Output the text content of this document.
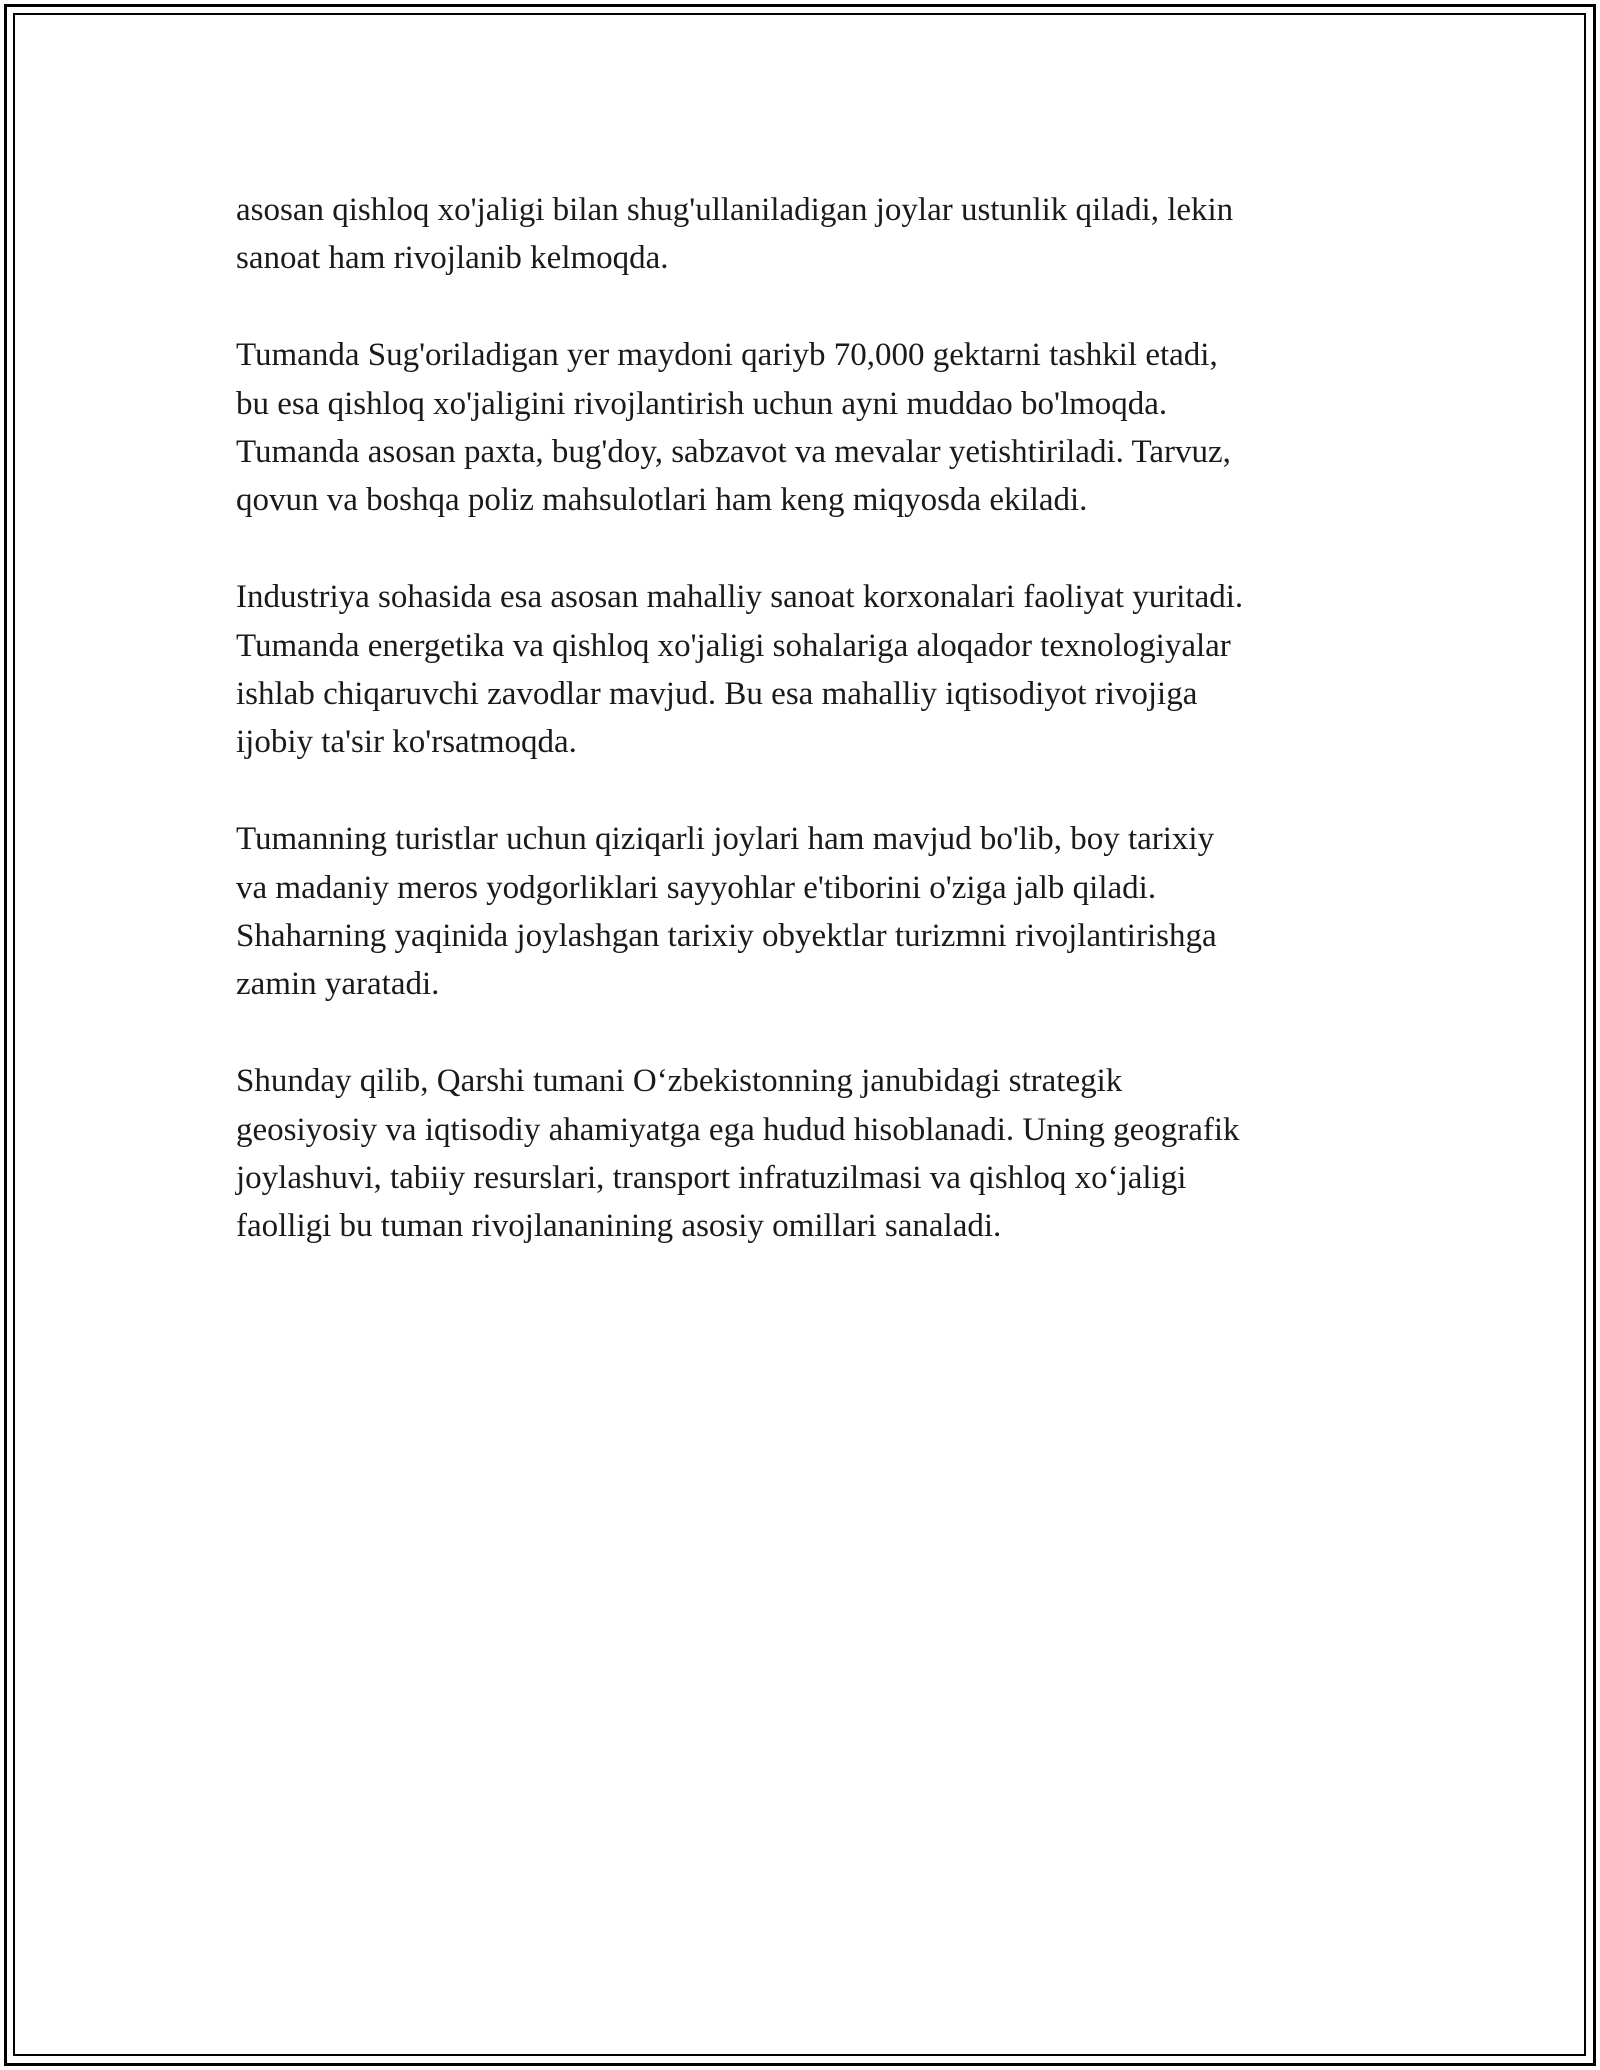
asosan qishloq xo'jaligi bilan shug'ullaniladigan joylar ustunlik qiladi, lekin
sanoat ham rivojlanib kelmoqda.

Tumanda Sug'oriladigan yer maydoni qariyb 70,000 gektarni tashkil etadi,
bu esa qishloq xo'jaligini rivojlantirish uchun ayni muddao bo'lmoqda.
Tumanda asosan paxta, bug'doy, sabzavot va mevalar yetishtiriladi. Tarvuz,
qovun va boshqa poliz mahsulotlari ham keng miqyosda ekiladi.

Industriya sohasida esa asosan mahalliy sanoat korxonalari faoliyat yuritadi.
Tumanda energetika va qishloq xo'jaligi sohalariga aloqador texnologiyalar
ishlab chiqaruvchi zavodlar mavjud. Bu esa mahalliy iqtisodiyot rivojiga
ijobiy ta'sir ko'rsatmoqda.

Tumanning turistlar uchun qiziqarli joylari ham mavjud bo'lib, boy tarixiy
va madaniy meros yodgorliklari sayyohlar e'tiborini o'ziga jalb qiladi.
Shaharning yaqinida joylashgan tarixiy obyektlar turizmni rivojlantirishga
zamin yaratadi.

Shunday qilib, Qarshi tumani O‘zbekistonning janubidagi strategik
geosiyosiy va iqtisodiy ahamiyatga ega hudud hisoblanadi. Uning geografik
joylashuvi, tabiiy resurslari, transport infratuzilmasi va qishloq xo‘jaligi
faolligi bu tuman rivojlananining asosiy omillari sanaladi.
